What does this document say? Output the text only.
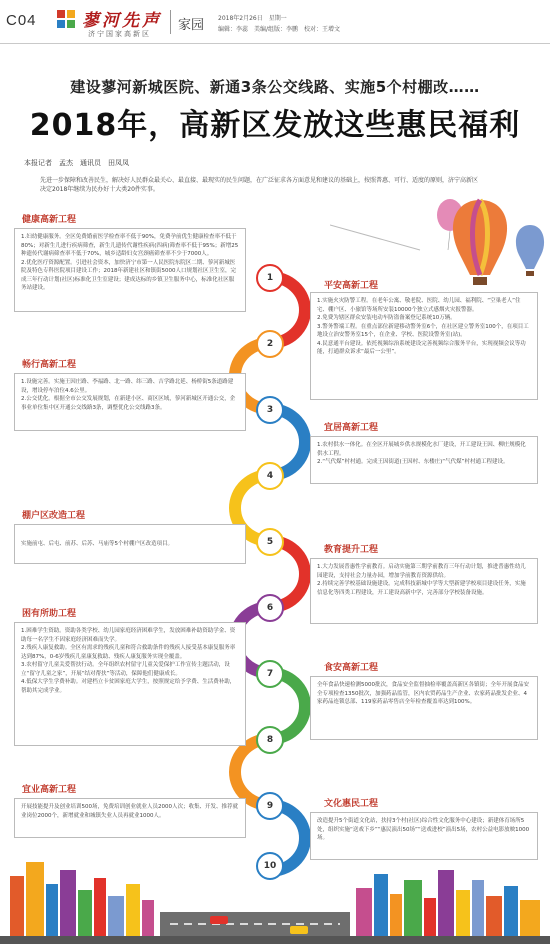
C04	蓼河先声
济宁国家高新区
家园 2018年2月26日　星期一
编辑：李蕊　美编/组版：李鹏　校对：王增文
建设蓼河新城医院、新通3条公交线路、实施5个村棚改……
2018年，高新区发放这些惠民福利
本报记者　孟杰　通讯员　田凤凤
先进一步保障和改善民生，解决好人民群众最关心、最直接、最现实的民生问题，在广泛征求各方面意见和建议的基础上，按照普惠、可行、适度的原则，济宁高新区决定2018年继续为民办好十大类20件实事。
1
2
3
4
5
6
7
8
9
10
健康高新工程
1.妇幼健康服务。全区免费婚前医学检查率不低于90%，免费孕前优生健康检查率不低于80%；对新生儿进行疾病筛查，新生儿遗传代谢性疾病(四病)筛查率不低于95%；新增25种遗传代谢病筛查率不低于70%，城乡适龄妇女宫颈癌筛查率不少于7000人。
2.优化医疗资源配置。引进社会资本，加快济宁市第一人民医院东院区二期、蓼河新城医院及特色专科医院项目建设工作；2018年新建社区和镇街5000人口规划社区卫生室，完成三年行动计划(社区)标准化卫生室建设；建成达标的乡镇卫生服务中心，标准化社区服务站建设。
畅行高新工程
1.设施完善。实施王因庄路、李福路、北一路、纬三路、吉学路北延、杨桥街5条道路建设，增设停车泊位4.6公里。
2.公交优化。根据全市公交发展规划，在新建小区、商区区域，蓼河新城区开通公交，企事业单位集中区开通公交线路3条，调整优化公交线路3条。
棚户区改造工程
实施前屯、后屯、前苏、后苏、马庙等5个村棚户区改造项目。
困有所助工程
1.困难学生资助。资助各类学校、幼儿园家庭经济困难学生，发放困难补助资助学金、资助每一名学生不因家庭经济困难而失学。
2.残疾人康复救助。全区有需求的残疾儿童和符合救助条件的残疾人接受基本康复服务率达到87%，0-6岁残疾儿童康复救助、残疾人康复服务实现全覆盖。
3.农村留守儿童关爱帮扶行动。全年组织农村留守儿童关爱保护工作宣传主题活动，设立“留守儿童之家”，开展“结对帮扶”等活动，保障他们健康成长。
4.低保大学生学费补助。对建档立卡贫困家庭大学生，按照规定给予学费、生活费补助，帮助其完成学业。
宜业高新工程
开展技能提升及创业培训500场，免费培训创业就业人员2000人次；收集、开发、推荐就业岗位2000个，新增就业和城镇失业人员再就业1000人。
平安高新工程
1.实施火灾防警工程。在老年公寓、敬老院、医院、幼儿园、福利院、“空巢老人”住宅、棚户区、小旅馆等场所安装10000个独立式感烟火灾报警器。
2.免费为辖区群众安装电动车防盗备案登记系统10万辆。
3.警务警端工程。在重点部位新建移动警务室6个，在社区建立警务室100个，在项目工地设立治安警务室15个，在企业、学校、医院设警务室(站)。
4.民意通平台建设。依托视频综治系统建设完善视频综合服务平台，实现视频会议等功能，打通群众诉求“最后一公里”。
宜居高新工程
1.农村供水一体化。在全区开展城乡供水规模化水厂建设，开工建设王因、柳庄规模化供水工程。
2.“气代煤”村村通。完成王因街道(王因村、东楼庄)“气代煤”村村通工程建设。
教育提升工程
1.大力发展普惠性学前教育。启动实施第三期学前教育三年行动计划，推进普惠性幼儿园建设，支持社会力量办园，增加学前教育资源供给。
2.持续完善学校基础设施建设。完成科技新城中学等大型新建学校项目建设任务，实施信息化等四类工程建设，开工建设高新中学，完善部分学校装备设施。
食安高新工程
全年食品快速检测5000批次，食品安全监督抽检率覆盖高新区各镇街；全年开展食品安全专项检查1350批次，加强药品监管，区内农贸药品生产企业、农家药品批发企业、4家药品连锁总部、119家药品零售店全年检查覆盖率达到100%。
文化惠民工程
改造提升5个街道文化站，扶持3个村(社区)综合性文化服务中心建设；新建体育场所5处，组织实施“送戏下乡”“惠民演出50场”“送戏进校”演出5场，农村公益电影放映1000场。
